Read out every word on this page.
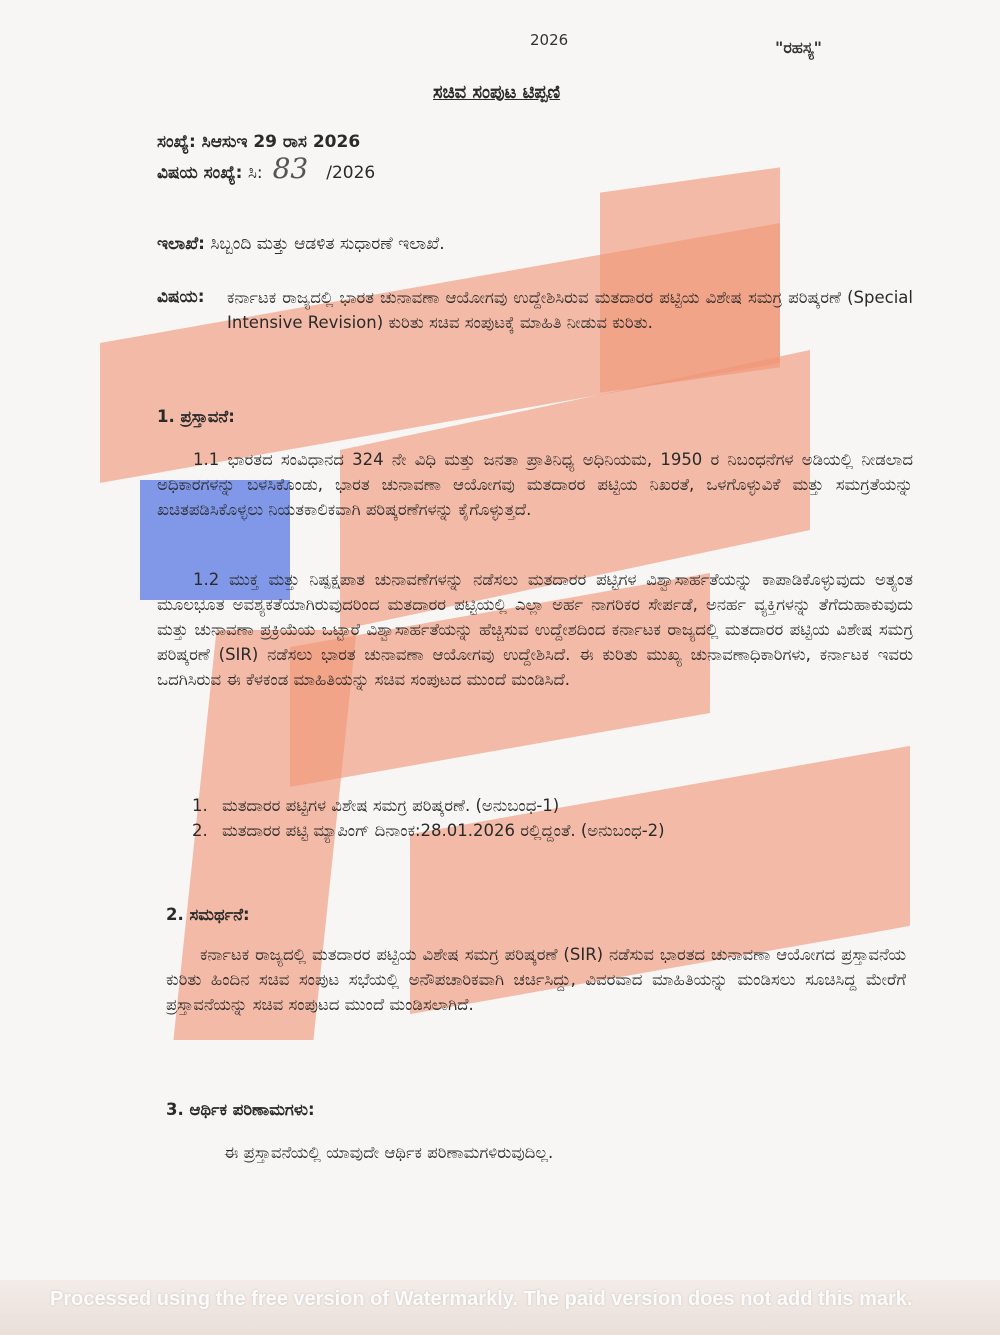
2026	"ರಹಸ್ಯ"
ಸಚಿವ ಸಂಪುಟ ಟಿಪ್ಪಣಿ
ಸಂಖ್ಯೆ: ಸಿಆಸುಇ 29 ರಾಸ 2026
ವಿಷಯ ಸಂಖ್ಯೆ: ಸಿ: 83 /2026
ಇಲಾಖೆ: ಸಿಬ್ಬಂದಿ ಮತ್ತು ಆಡಳಿತ ಸುಧಾರಣೆ ಇಲಾಖೆ.
ವಿಷಯ: ಕರ್ನಾಟಕ ರಾಜ್ಯದಲ್ಲಿ ಭಾರತ ಚುನಾವಣಾ ಆಯೋಗವು ಉದ್ದೇಶಿಸಿರುವ ಮತದಾರರ ಪಟ್ಟಿಯ ವಿಶೇಷ ಸಮಗ್ರ ಪರಿಷ್ಕರಣೆ (Special Intensive Revision) ಕುರಿತು ಸಚಿವ ಸಂಪುಟಕ್ಕೆ ಮಾಹಿತಿ ನೀಡುವ ಕುರಿತು.
1. ಪ್ರಸ್ತಾವನೆ:
1.1 ಭಾರತದ ಸಂವಿಧಾನದ 324 ನೇ ವಿಧಿ ಮತ್ತು ಜನತಾ ಪ್ರಾತಿನಿಧ್ಯ ಅಧಿನಿಯಮ, 1950 ರ ನಿಬಂಧನೆಗಳ ಅಡಿಯಲ್ಲಿ ನೀಡಲಾದ ಅಧಿಕಾರಗಳನ್ನು ಬಳಸಿಕೊಂಡು, ಭಾರತ ಚುನಾವಣಾ ಆಯೋಗವು ಮತದಾರರ ಪಟ್ಟಿಯ ನಿಖರತೆ, ಒಳಗೊಳ್ಳುವಿಕೆ ಮತ್ತು ಸಮಗ್ರತೆಯನ್ನು ಖಚಿತಪಡಿಸಿಕೊಳ್ಳಲು ನಿಯತಕಾಲಿಕವಾಗಿ ಪರಿಷ್ಕರಣೆಗಳನ್ನು ಕೈಗೊಳ್ಳುತ್ತದೆ.
1.2 ಮುಕ್ತ ಮತ್ತು ನಿಷ್ಪಕ್ಷಪಾತ ಚುನಾವಣೆಗಳನ್ನು ನಡೆಸಲು ಮತದಾರರ ಪಟ್ಟಿಗಳ ವಿಶ್ವಾಸಾರ್ಹತೆಯನ್ನು ಕಾಪಾಡಿಕೊಳ್ಳುವುದು ಅತ್ಯಂತ ಮೂಲಭೂತ ಅವಶ್ಯಕತೆಯಾಗಿರುವುದರಿಂದ ಮತದಾರರ ಪಟ್ಟಿಯಲ್ಲಿ ಎಲ್ಲಾ ಅರ್ಹ ನಾಗರಿಕರ ಸೇರ್ಪಡೆ, ಅನರ್ಹ ವ್ಯಕ್ತಿಗಳನ್ನು ತೆಗೆದುಹಾಕುವುದು ಮತ್ತು ಚುನಾವಣಾ ಪ್ರಕ್ರಿಯೆಯ ಒಟ್ಟಾರೆ ವಿಶ್ವಾಸಾರ್ಹತೆಯನ್ನು ಹೆಚ್ಚಿಸುವ ಉದ್ದೇಶದಿಂದ ಕರ್ನಾಟಕ ರಾಜ್ಯದಲ್ಲಿ ಮತದಾರರ ಪಟ್ಟಿಯ ವಿಶೇಷ ಸಮಗ್ರ ಪರಿಷ್ಕರಣೆ (SIR) ನಡೆಸಲು ಭಾರತ ಚುನಾವಣಾ ಆಯೋಗವು ಉದ್ದೇಶಿಸಿದೆ. ಈ ಕುರಿತು ಮುಖ್ಯ ಚುನಾವಣಾಧಿಕಾರಿಗಳು, ಕರ್ನಾಟಕ ಇವರು ಒದಗಿಸಿರುವ ಈ ಕೆಳಕಂಡ ಮಾಹಿತಿಯನ್ನು ಸಚಿವ ಸಂಪುಟದ ಮುಂದೆ ಮಂಡಿಸಿದೆ.
1. ಮತದಾರರ ಪಟ್ಟಿಗಳ ವಿಶೇಷ ಸಮಗ್ರ ಪರಿಷ್ಕರಣೆ. (ಅನುಬಂಧ-1)
2. ಮತದಾರರ ಪಟ್ಟಿ ಮ್ಯಾಪಿಂಗ್ ದಿನಾಂಕ:28.01.2026 ರಲ್ಲಿದ್ದಂತೆ. (ಅನುಬಂಧ-2)
2. ಸಮರ್ಥನೆ:
ಕರ್ನಾಟಕ ರಾಜ್ಯದಲ್ಲಿ ಮತದಾರರ ಪಟ್ಟಿಯ ವಿಶೇಷ ಸಮಗ್ರ ಪರಿಷ್ಕರಣೆ (SIR) ನಡೆಸುವ ಭಾರತದ ಚುನಾವಣಾ ಆಯೋಗದ ಪ್ರಸ್ತಾವನೆಯ ಕುರಿತು ಹಿಂದಿನ ಸಚಿವ ಸಂಪುಟ ಸಭೆಯಲ್ಲಿ ಅನೌಪಚಾರಿಕವಾಗಿ ಚರ್ಚಿಸಿದ್ದು, ವಿವರವಾದ ಮಾಹಿತಿಯನ್ನು ಮಂಡಿಸಲು ಸೂಚಿಸಿದ್ದ ಮೇರೆಗೆ ಪ್ರಸ್ತಾವನೆಯನ್ನು ಸಚಿವ ಸಂಪುಟದ ಮುಂದೆ ಮಂಡಿಸಲಾಗಿದೆ.
3. ಆರ್ಥಿಕ ಪರಿಣಾಮಗಳು:
ಈ ಪ್ರಸ್ತಾವನೆಯಲ್ಲಿ ಯಾವುದೇ ಆರ್ಥಿಕ ಪರಿಣಾಮಗಳಿರುವುದಿಲ್ಲ.
Processed using the free version of Watermarkly. The paid version does not add this mark.
